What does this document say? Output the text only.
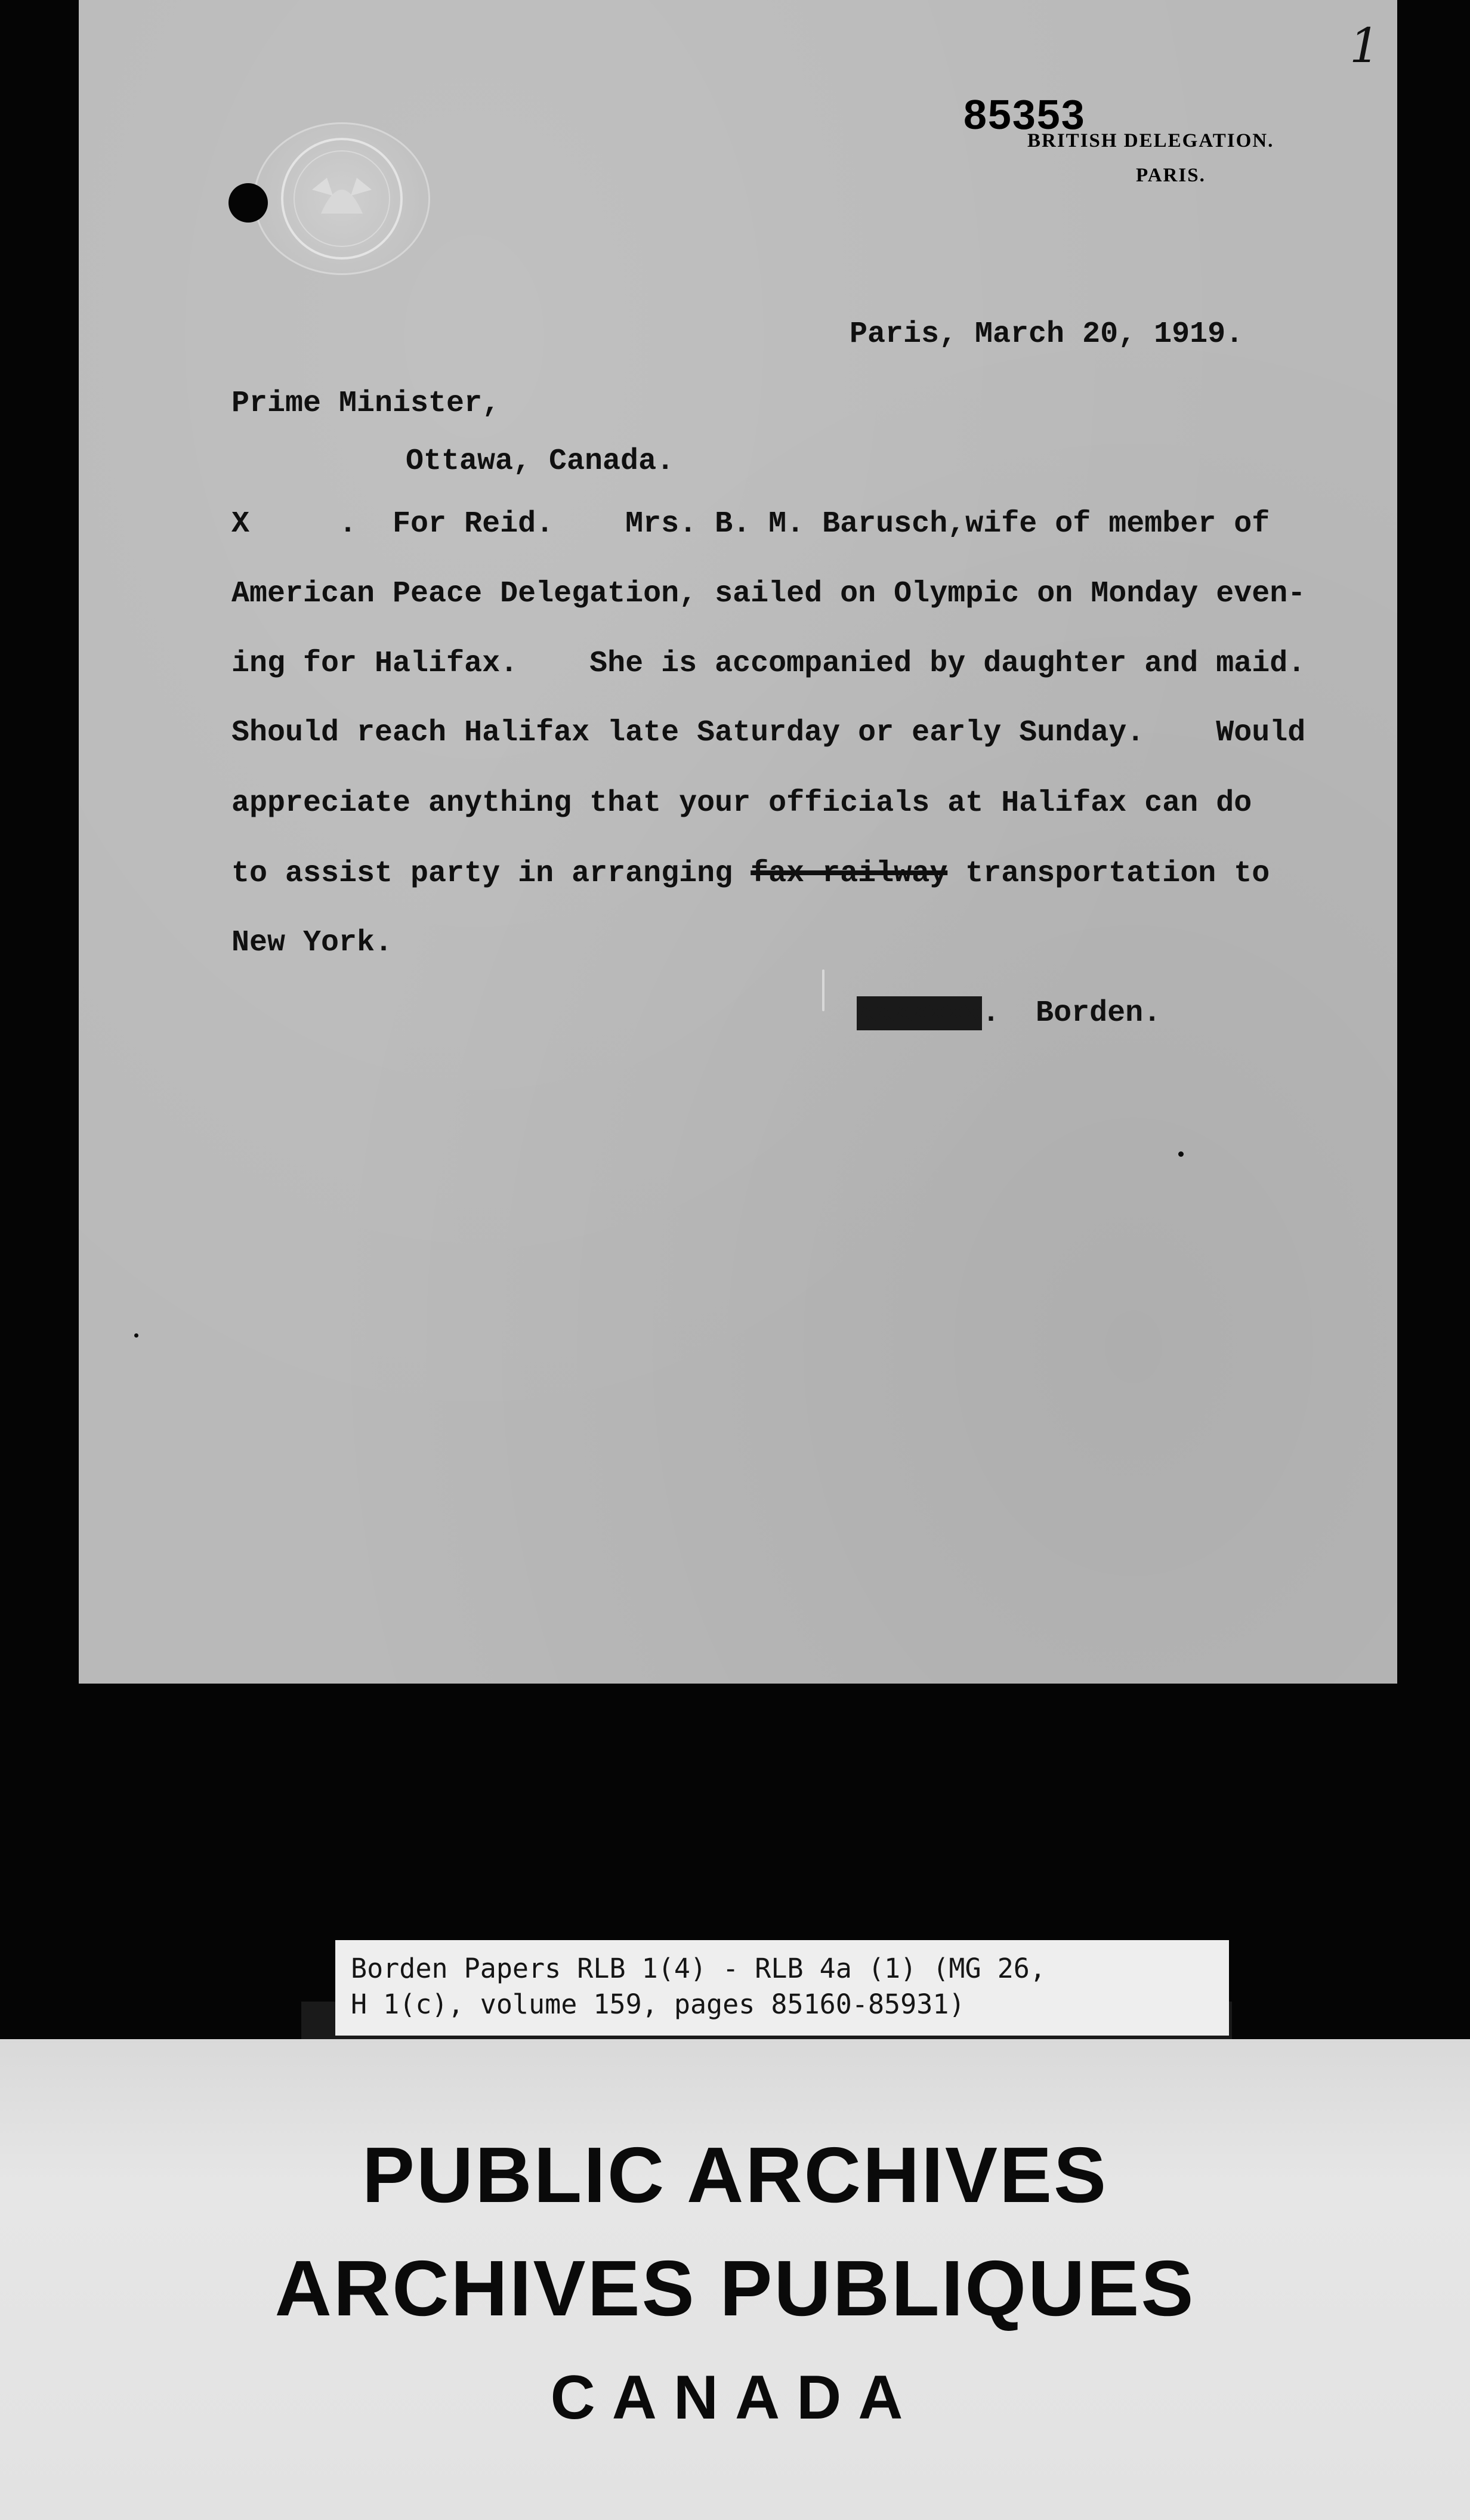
1
85353
BRITISH DELEGATION.
PARIS.
Paris, March 20, 1919.
Prime Minister,
Ottawa, Canada.
X     .  For Reid.    Mrs. B. M. Barusch,wife of member of
American Peace Delegation, sailed on Olympic on Monday even-
ing for Halifax.    She is accompanied by daughter and maid.
Should reach Halifax late Saturday or early Sunday.    Would
appreciate anything that your officials at Halifax can do
to assist party in arranging fax railway transportation to
New York.
xxxxxxx.  Borden.
Borden Papers RLB 1(4) - RLB 4a (1) (MG 26,
H 1(c), volume 159, pages 85160-85931)
PUBLIC ARCHIVES
ARCHIVES PUBLIQUES
CANADA
